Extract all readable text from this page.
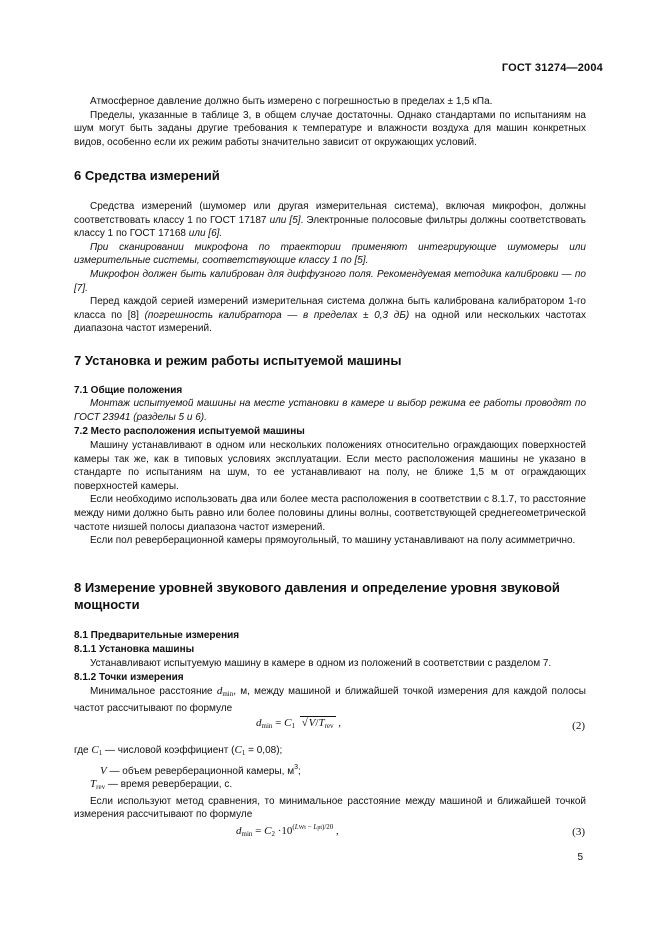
ГОСТ 31274—2004

Атмосферное давление должно быть измерено с погрешностью в пределах ± 1,5 кПа.

Пределы, указанные в таблице 3, в общем случае достаточны. Однако стандартами по испытаниям на шум могут быть заданы другие требования к температуре и влажности воздуха для машин конкретных видов, особенно если их режим работы значительно зависит от окружающих условий.

6 Средства измерений

Средства измерений (шумомер или другая измерительная система), включая микрофон, должны соответствовать классу 1 по ГОСТ 17187 или [5]. Электронные полосовые фильтры должны соответствовать классу 1 по ГОСТ 17168 или [6].

При сканировании микрофона по траектории применяют интегрирующие шумомеры или измерительные системы, соответствующие классу 1 по [5].

Микрофон должен быть калиброван для диффузного поля. Рекомендуемая методика калибровки — по [7].

Перед каждой серией измерений измерительная система должна быть калибрована калибратором 1-го класса по [8] (погрешность калибратора — в пределах ± 0,3 дБ) на одной или нескольких частотах диапазона частот измерений.

7 Установка и режим работы испытуемой машины
7.1 Общие положения

Монтаж испытуемой машины на месте установки в камере и выбор режима ее работы проводят по ГОСТ 23941 (разделы 5 и 6).

7.2 Место расположения испытуемой машины

Машину устанавливают в одном или нескольких положениях относительно ограждающих поверхностей камеры так же, как в типовых условиях эксплуатации. Если место расположения машины не указано в стандарте по испытаниям на шум, то ее устанавливают на полу, не ближе 1,5 м от ограждающих поверхностей камеры.

Если необходимо использовать два или более места расположения в соответствии с 8.1.7, то расстояние между ними должно быть равно или более половины длины волны, соответствующей среднегеометрической частоте низшей полосы диапазона частот измерений.

Если пол реверберационной камеры прямоугольный, то машину устанавливают на полу асимметрично.

8 Измерение уровней звукового давления и определение уровня звуковой мощности
8.1 Предварительные измерения
8.1.1 Установка машины

Устанавливают испытуемую машину в камере в одном из положений в соответствии с разделом 7.

8.1.2 Точки измерения

Минимальное расстояние $d_{min}$, м, между машиной и ближайшей точкой измерения для каждой полосы частот рассчитывают по формуле

$d_{min} = C_1$ √ $V/T_{rev}$ ,	(2)

где $C_1$ — числовой коэффициент $(C_1 = 0,08)$;

V — объем реверберационной камеры, $м^3$;

$T_{rev}$ — время реверберации, с.

Если используют метод сравнения, то минимальное расстояние между машиной и ближайшей точкой измерения рассчитывают по формуле

$d_{min} = C_2 \cdot 10^{(LWt - Lpt)/20}$ ,	(3)
5
